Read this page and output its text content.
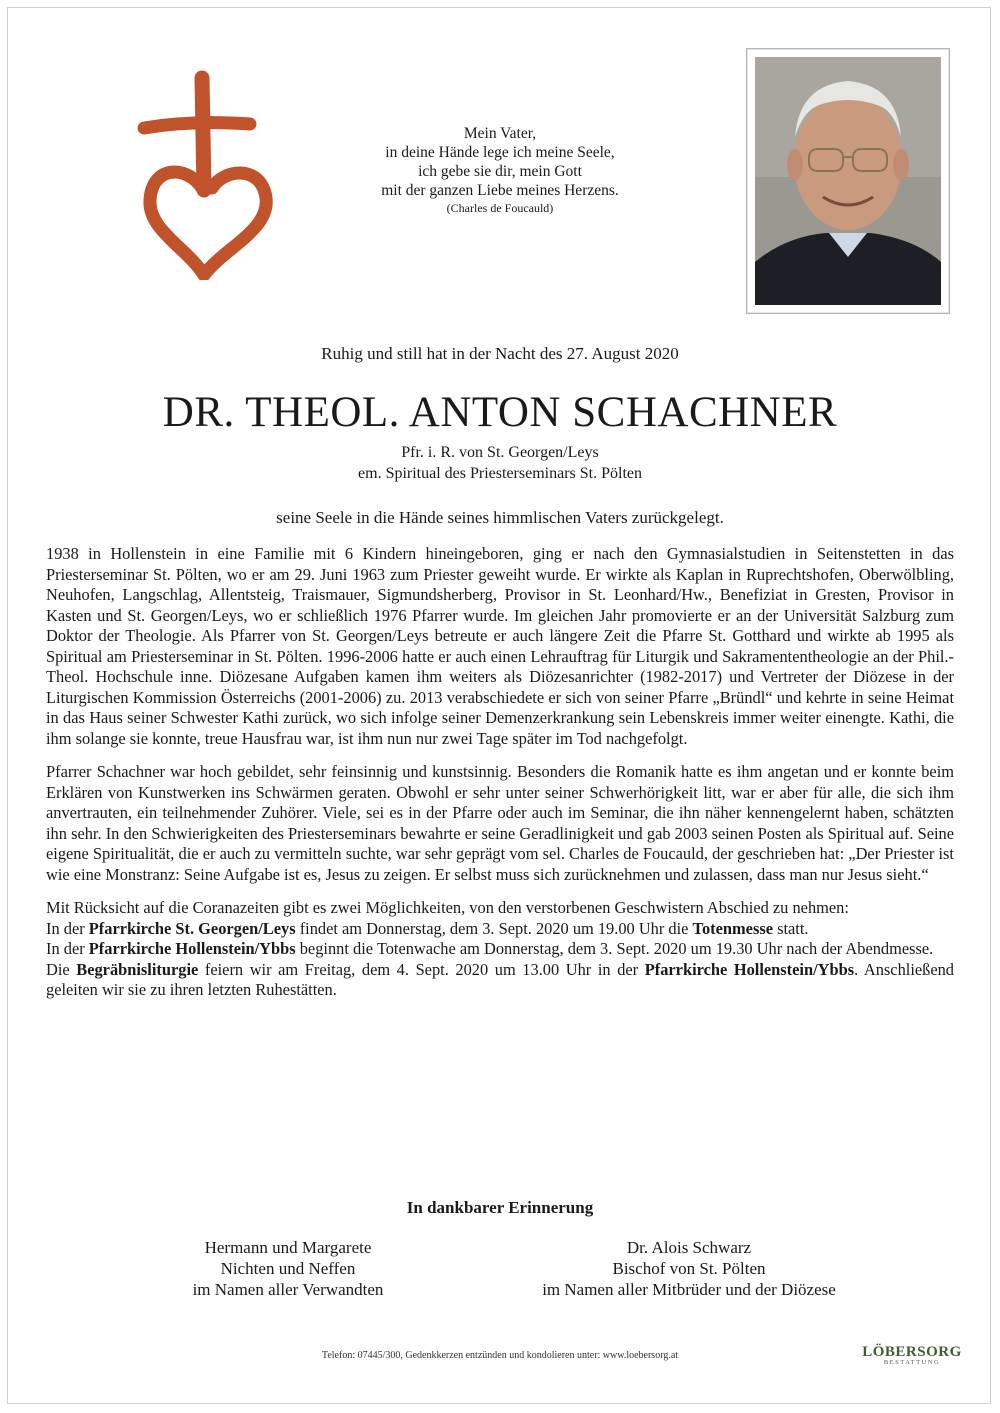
Mein Vater,
in deine Hände lege ich meine Seele,
ich gebe sie dir, mein Gott
mit der ganzen Liebe meines Herzens.
(Charles de Foucauld)
Ruhig und still hat in der Nacht des 27. August 2020
DR. THEOL. ANTON SCHACHNER
Pfr. i. R. von St. Georgen/Leys
em. Spiritual des Priesterseminars St. Pölten
seine Seele in die Hände seines himmlischen Vaters zurückgelegt.

1938 in Hollenstein in eine Familie mit 6 Kindern hineingeboren, ging er nach den Gymnasialstudien in Seitenstetten in das Priesterseminar St. Pölten, wo er am 29. Juni 1963 zum Priester geweiht wurde. Er wirkte als Kaplan in Ruprechtshofen, Oberwölbling, Neuhofen, Langschlag, Allentsteig, Traismauer, Sigmundsherberg, Provisor in St. Leonhard/Hw., Benefiziat in Gresten, Provisor in Kasten und St. Georgen/Leys, wo er schließlich 1976 Pfarrer wurde. Im gleichen Jahr promovierte er an der Universität Salzburg zum Doktor der Theologie. Als Pfarrer von St. Georgen/Leys betreute er auch längere Zeit die Pfarre St. Gotthard und wirkte ab 1995 als Spiritual am Priesterseminar in St. Pölten. 1996-2006 hatte er auch einen Lehrauftrag für Liturgik und Sakramententheologie an der Phil.-Theol. Hochschule inne. Diözesane Aufgaben kamen ihm weiters als Diözesanrichter (1982-2017) und Vertreter der Diözese in der Liturgischen Kommission Österreichs (2001-2006) zu. 2013 verabschiedete er sich von seiner Pfarre „Bründl“ und kehrte in seine Heimat in das Haus seiner Schwester Kathi zurück, wo sich infolge seiner Demenzerkrankung sein Lebenskreis immer weiter einengte. Kathi, die ihm solange sie konnte, treue Hausfrau war, ist ihm nun nur zwei Tage später im Tod nachgefolgt.

Pfarrer Schachner war hoch gebildet, sehr feinsinnig und kunstsinnig. Besonders die Romanik hatte es ihm angetan und er konnte beim Erklären von Kunstwerken ins Schwärmen geraten. Obwohl er sehr unter seiner Schwerhörigkeit litt, war er aber für alle, die sich ihm anvertrauten, ein teilnehmender Zuhörer. Viele, sei es in der Pfarre oder auch im Seminar, die ihn näher kennengelernt haben, schätzten ihn sehr. In den Schwierigkeiten des Priesterseminars bewahrte er seine Geradlinigkeit und gab 2003 seinen Posten als Spiritual auf. Seine eigene Spiritualität, die er auch zu vermitteln suchte, war sehr geprägt vom sel. Charles de Foucauld, der geschrieben hat: „Der Priester ist wie eine Monstranz: Seine Aufgabe ist es, Jesus zu zeigen. Er selbst muss sich zurücknehmen und zulassen, dass man nur Jesus sieht.“

Mit Rücksicht auf die Coranazeiten gibt es zwei Möglichkeiten, von den verstorbenen Geschwistern Abschied zu nehmen:

In der Pfarrkirche St. Georgen/Leys findet am Donnerstag, dem 3. Sept. 2020 um 19.00 Uhr die Totenmesse statt.
In der Pfarrkirche Hollenstein/Ybbs beginnt die Totenwache am Donnerstag, dem 3. Sept. 2020 um 19.30 Uhr nach der Abendmesse.
Die Begräbnisliturgie feiern wir am Freitag, dem 4. Sept. 2020 um 13.00 Uhr in der Pfarrkirche Hollenstein/Ybbs. Anschließend geleiten wir sie zu ihren letzten Ruhestätten.

In dankbarer Erinnerung
Hermann und Margarete
Nichten und Neffen
im Namen aller Verwandten
Dr. Alois Schwarz
Bischof von St. Pölten
im Namen aller Mitbrüder und der Diözese
Telefon: 07445/300, Gedenkkerzen entzünden und kondolieren unter: www.loebersorg.at	LÖBERSORG
BESTATTUNG
